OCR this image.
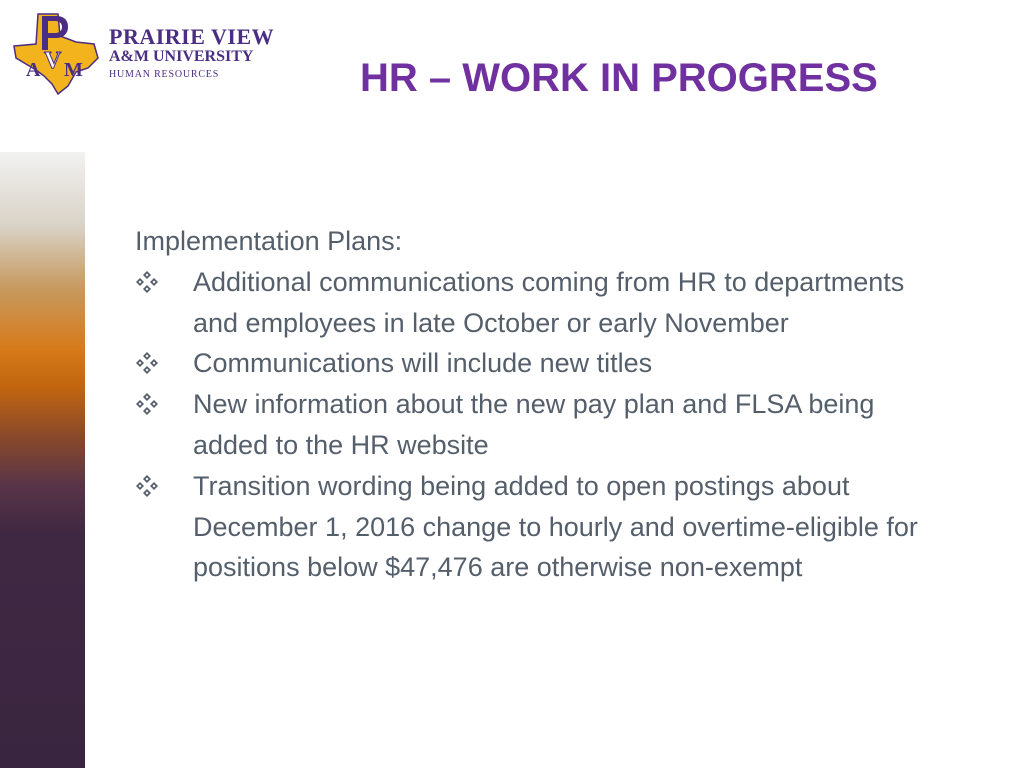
A V M
PRAIRIE VIEW
A&M UNIVERSITY
HUMAN RESOURCES	HR – WORK IN PROGRESS

Implementation Plans:

Additional communications coming from HR to departments and employees in late October or early November
Communications will include new titles
New information about the new pay plan and FLSA being added to the HR website
Transition wording being added to open postings about December 1, 2016 change to hourly and overtime-eligible for positions below $47,476 are otherwise non-exempt
